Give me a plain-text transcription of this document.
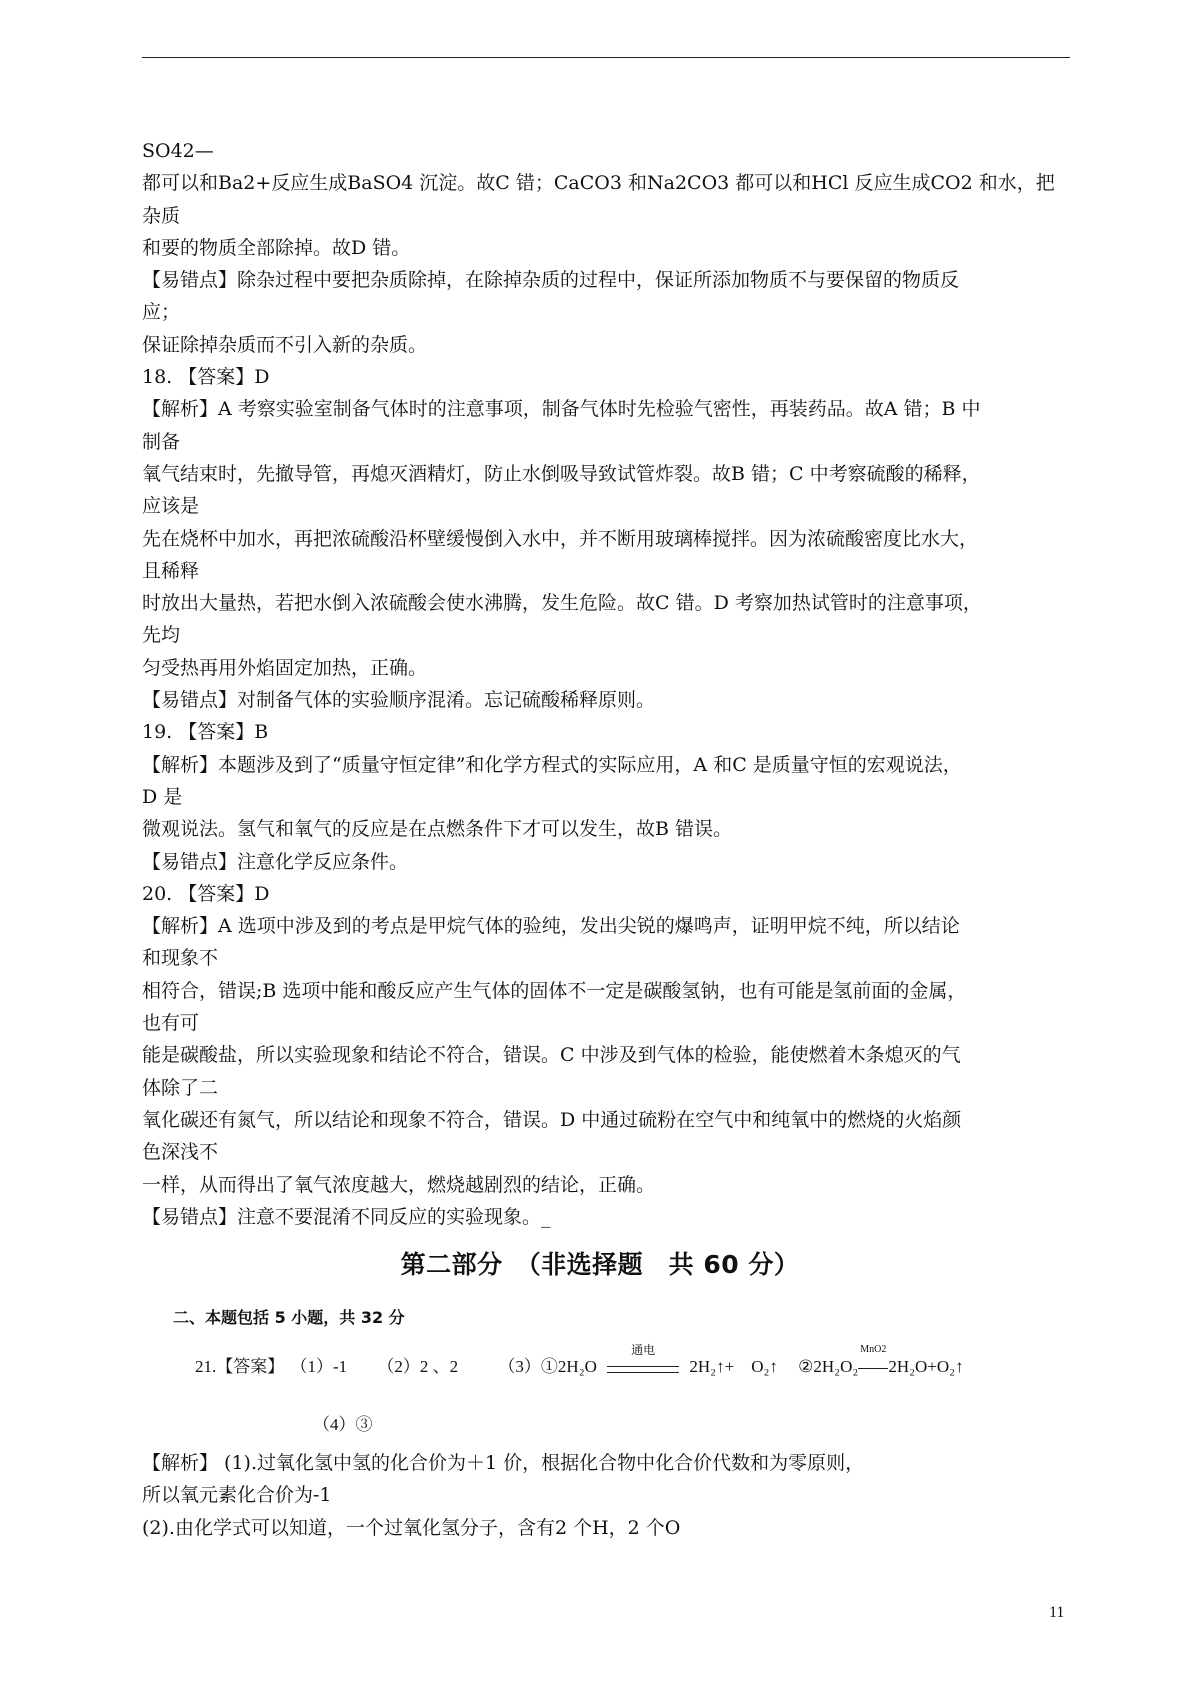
SO42—
都可以和Ba2+反应生成BaSO4 沉淀。故C 错；CaCO3 和Na2CO3 都可以和HCl 反应生成CO2 和水，把
杂质
和要的物质全部除掉。故D 错。
【易错点】除杂过程中要把杂质除掉，在除掉杂质的过程中，保证所添加物质不与要保留的物质反
应；
保证除掉杂质而不引入新的杂质。
18. 【答案】D
【解析】A 考察实验室制备气体时的注意事项，制备气体时先检验气密性，再装药品。故A 错；B 中
制备
氧气结束时，先撤导管，再熄灭酒精灯，防止水倒吸导致试管炸裂。故B 错；C 中考察硫酸的稀释，
应该是
先在烧杯中加水，再把浓硫酸沿杯壁缓慢倒入水中，并不断用玻璃棒搅拌。因为浓硫酸密度比水大，
且稀释
时放出大量热，若把水倒入浓硫酸会使水沸腾，发生危险。故C 错。D 考察加热试管时的注意事项，
先均
匀受热再用外焰固定加热，正确。
【易错点】对制备气体的实验顺序混淆。忘记硫酸稀释原则。
19. 【答案】B
【解析】本题涉及到了“质量守恒定律”和化学方程式的实际应用，A 和C 是质量守恒的宏观说法，
D 是
微观说法。氢气和氧气的反应是在点燃条件下才可以发生，故B 错误。
【易错点】注意化学反应条件。
20. 【答案】D
【解析】A 选项中涉及到的考点是甲烷气体的验纯，发出尖锐的爆鸣声，证明甲烷不纯，所以结论
和现象不
相符合，错误;B 选项中能和酸反应产生气体的固体不一定是碳酸氢钠，也有可能是氢前面的金属，
也有可
能是碳酸盐，所以实验现象和结论不符合，错误。C 中涉及到气体的检验，能使燃着木条熄灭的气
体除了二
氧化碳还有氮气，所以结论和现象不符合，错误。D 中通过硫粉在空气中和纯氧中的燃烧的火焰颜
色深浅不
一样，从而得出了氧气浓度越大，燃烧越剧烈的结论，正确。
【易错点】注意不要混淆不同反应的实验现象。_
第二部分　（非选择题　共 60 分）
二、本题包括 5 小题，共 32 分
21.【答案】 （1）-1 （2）2 、2 （3）①2H₂O
通电
2H₂↑+　O₂↑ ②2H₂O₂
MnO2
2H₂O+O₂↑
（4）③
【解析】 (1).过氧化氢中氢的化合价为＋1 价，根据化合物中化合价代数和为零原则，
所以氧元素化合价为-1
(2).由化学式可以知道，一个过氧化氢分子，含有2 个H，2 个O
11
